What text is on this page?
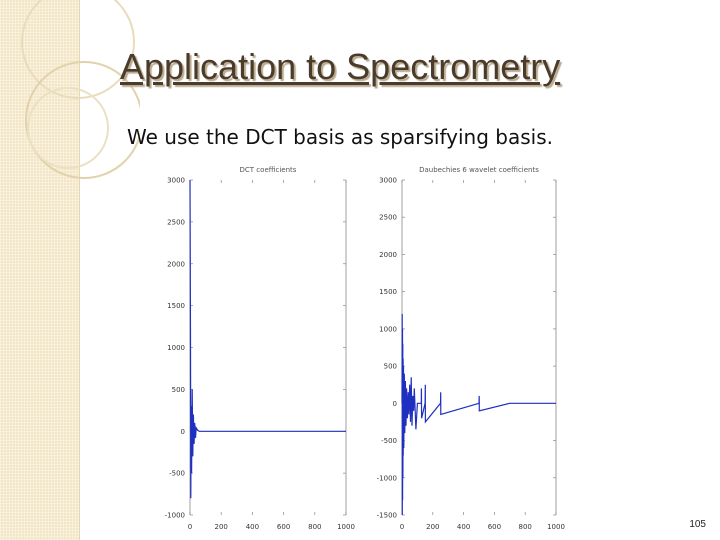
Application to Spectrometry
We use the DCT basis as sparsifying basis.
DCT coefficients
3000
2500
2000
1500
1000
500
0
-500
-1000
0	200	400	600	800 1000
Daubechies 6 wavelet coefficients
3000
2500
2000
1500
1000
500
0
-500
-1000
-1500
0	200 400 600 800 1000	105
